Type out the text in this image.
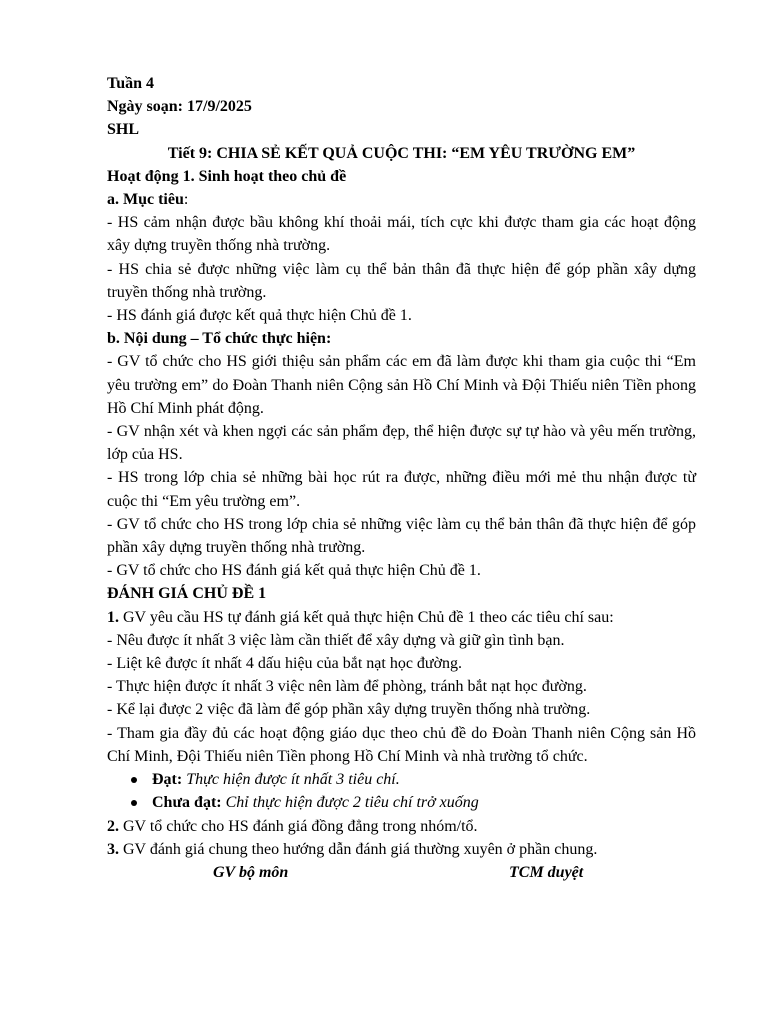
Tuần 4

Ngày soạn: 17/9/2025

SHL

Tiết 9: CHIA SẺ KẾT QUẢ CUỘC THI: “EM YÊU TRƯỜNG EM”

Hoạt động 1. Sinh hoạt theo chủ đề

a. Mục tiêu:

- HS cảm nhận được bầu không khí thoải mái, tích cực khi được tham gia các hoạt động xây dựng truyền thống nhà trường.

- HS chia sẻ được những việc làm cụ thể bản thân đã thực hiện để góp phần xây dựng truyền thống nhà trường.

- HS đánh giá được kết quả thực hiện Chủ đề 1.

b. Nội dung – Tổ chức thực hiện:

- GV tổ chức cho HS giới thiệu sản phẩm các em đã làm được khi tham gia cuộc thi “Em yêu trường em” do Đoàn Thanh niên Cộng sản Hồ Chí Minh và Đội Thiếu niên Tiền phong Hồ Chí Minh phát động.

- GV nhận xét và khen ngợi các sản phẩm đẹp, thể hiện được sự tự hào và yêu mến trường, lớp của HS.

- HS trong lớp chia sẻ những bài học rút ra được, những điều mới mẻ thu nhận được từ cuộc thi “Em yêu trường em”.

- GV tổ chức cho HS trong lớp chia sẻ những việc làm cụ thể bản thân đã thực hiện để góp phần xây dựng truyền thống nhà trường.

- GV tổ chức cho HS đánh giá kết quả thực hiện Chủ đề 1.

ĐÁNH GIÁ CHỦ ĐỀ 1

1. GV yêu cầu HS tự đánh giá kết quả thực hiện Chủ đề 1 theo các tiêu chí sau:

- Nêu được ít nhất 3 việc làm cần thiết để xây dựng và giữ gìn tình bạn.

- Liệt kê được ít nhất 4 dấu hiệu của bắt nạt học đường.

- Thực hiện được ít nhất 3 việc nên làm để phòng, tránh bắt nạt học đường.

- Kể lại được 2 việc đã làm để góp phần xây dựng truyền thống nhà trường.

- Tham gia đầy đủ các hoạt động giáo dục theo chủ đề do Đoàn Thanh niên Cộng sản Hồ Chí Minh, Đội Thiếu niên Tiền phong Hồ Chí Minh và nhà trường tổ chức.

Đạt: Thực hiện được ít nhất 3 tiêu chí.
Chưa đạt: Chỉ thực hiện được 2 tiêu chí trở xuống

2. GV tổ chức cho HS đánh giá đồng đẳng trong nhóm/tổ.

3. GV đánh giá chung theo hướng dẫn đánh giá thường xuyên ở phần chung.

GV bộ môn	TCM duyệt
